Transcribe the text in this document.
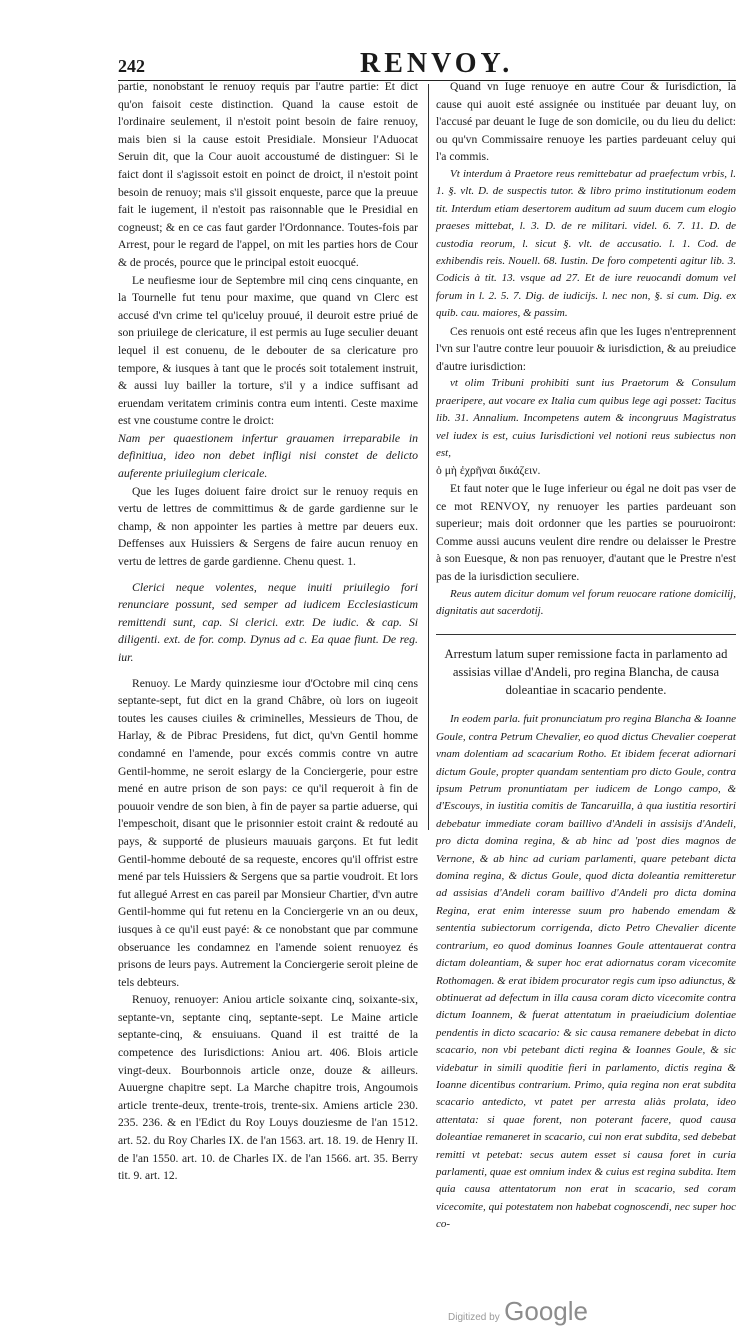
242	RENVOY.

partie, nonobstant le renuoy requis par l'autre partie: Et dict qu'on faisoit ceste distinction. Quand la cause estoit de l'ordinaire seulement, il n'estoit point besoin de faire renuoy, mais bien si la cause estoit Presidiale. Monsieur l'Aduocat Seruin dit, que la Cour auoit accoustumé de distinguer: Si le faict dont il s'agissoit estoit en poinct de droict, il n'estoit point besoin de renuoy; mais s'il gissoit enqueste, parce que la preuue fait le iugement, il n'estoit pas raisonnable que le Presidial en cogneust; & en ce cas faut garder l'Ordonnance. Toutes-fois par Arrest, pour le regard de l'appel, on mit les parties hors de Cour & de procés, pource que le principal estoit euocqué.

Le neufiesme iour de Septembre mil cinq cens cinquante, en la Tournelle fut tenu pour maxime, que quand vn Clerc est accusé d'vn crime tel qu'iceluy prouué, il deuroit estre priué de son priuilege de clericature, il est permis au Iuge seculier deuant lequel il est conuenu, de le debouter de sa clericature pro tempore, & iusques à tant que le procés soit totalement instruit, & aussi luy bailler la torture, s'il y a indice suffisant ad eruendam veritatem criminis contra eum intenti. Ceste maxime est vne coustume contre le droict:

Nam per quaestionem infertur grauamen irreparabile in definitiua, ideo non debet infligi nisi constet de delicto auferente priuilegium clericale.

Que les Iuges doiuent faire droict sur le renuoy requis en vertu de lettres de committimus & de garde gardienne sur le champ, & non appointer les parties à mettre par deuers eux. Deffenses aux Huissiers & Sergens de faire aucun renuoy en vertu de lettres de garde gardienne. Chenu quest. 1.

Clerici neque volentes, neque inuiti priuilegio fori renunciare possunt, sed semper ad iudicem Ecclesiasticum remittendi sunt, cap. Si clerici. extr. De iudic. & cap. Si diligenti. ext. de for. comp. Dynus ad c. Ea quae fiunt. De reg. iur.

Renuoy. Le Mardy quinziesme iour d'Octobre mil cinq cens septante-sept, fut dict en la grand Châbre, où lors on iugeoit toutes les causes ciuiles & criminelles, Messieurs de Thou, de Harlay, & de Pibrac Presidens, fut dict, qu'vn Gentil homme condamné en l'amende, pour excés commis contre vn autre Gentil-homme, ne seroit eslargy de la Conciergerie, pour estre mené en autre prison de son pays: ce qu'il requeroit à fin de pouuoir vendre de son bien, à fin de payer sa partie aduerse, qui l'empeschoit, disant que le prisonnier estoit craint & redouté au pays, & supporté de plusieurs mauuais garçons. Et fut ledit Gentil-homme debouté de sa requeste, encores qu'il offrist estre mené par tels Huissiers & Sergens que sa partie voudroit. Et lors fut allegué Arrest en cas pareil par Monsieur Chartier, d'vn autre Gentil-homme qui fut retenu en la Conciergerie vn an ou deux, iusques à ce qu'il eust payé: & ce nonobstant que par commune obseruance les condamnez en l'amende soient renuoyez és prisons de leurs pays. Autrement la Conciergerie seroit pleine de tels debteurs.

Renuoy, renuoyer: Aniou article soixante cinq, soixante-six, septante-vn, septante cinq, septante-sept. Le Maine article septante-cinq, & ensuiuans. Quand il est traitté de la competence des Iurisdictions: Aniou art. 406. Blois article vingt-deux. Bourbonnois article onze, douze & ailleurs. Auuergne chapitre sept. La Marche chapitre trois, Angoumois article trente-deux, trente-trois, trente-six. Amiens article 230. 235. 236. & en l'Edict du Roy Louys douziesme de l'an 1512. art. 52. du Roy Charles IX. de l'an 1563. art. 18. 19. de Henry II. de l'an 1550. art. 10. de Charles IX. de l'an 1566. art. 35. Berry tit. 9. art. 12.

Quand vn Iuge renuoye en autre Cour & Iurisdiction, la cause qui auoit esté assignée ou instituée par deuant luy, on l'accusé par deuant le Iuge de son domicile, ou du lieu du delict: ou qu'vn Commissaire renuoye les parties pardeuant celuy qui l'a commis.

Vt interdum à Praetore reus remittebatur ad praefectum vrbis, l. 1. §. vlt. D. de suspectis tutor. & libro primo institutionum eodem tit. Interdum etiam desertorem auditum ad suum ducem cum elogio praeses mittebat, l. 3. D. de re militari. videl. 6. 7. 11. D. de custodia reorum, l. sicut §. vlt. de accusatio. l. 1. Cod. de exhibendis reis. Nouell. 68. Iustin. De foro competenti agitur lib. 3. Codicis à tit. 13. vsque ad 27. Et de iure reuocandi domum vel forum in l. 2. 5. 7. Dig. de iudicijs. l. nec non, §. si cum. Dig. ex quib. cau. maiores, & passim.

Ces renuois ont esté receus afin que les Iuges n'entreprennent l'vn sur l'autre contre leur pouuoir & iurisdiction, & au preiudice d'autre iurisdiction:

vt olim Tribuni prohibiti sunt ius Praetorum & Consulum praeripere, aut vocare ex Italia cum quibus lege agi posset: Tacitus lib. 31. Annalium. Incompetens autem & incongruus Magistratus vel iudex is est, cuius Iurisdictioni vel notioni reus subiectus non est,

ὁ μὴ ἐχρῆναι δικάζειν.

Et faut noter que le Iuge inferieur ou égal ne doit pas vser de ce mot RENVOY, ny renuoyer les parties pardeuant son superieur; mais doit ordonner que les parties se pouruoiront: Comme aussi aucuns veulent dire rendre ou delaisser le Prestre à son Euesque, & non pas renuoyer, d'autant que le Prestre n'est pas de la iurisdiction seculiere.

Reus autem dicitur domum vel forum reuocare ratione domicilij, dignitatis aut sacerdotij.

Arrestum latum super remissione facta in parlamento ad assisias villae d'Andeli, pro regina Blancha, de causa doleantiae in scacario pendente.

In eodem parla. fuit pronunciatum pro regina Blancha & Ioanne Goule, contra Petrum Chevalier, eo quod dictus Chevalier coeperat vnam dolentiam ad scacarium Rotho. Et ibidem fecerat adiornari dictum Goule, propter quandam sententiam pro dicto Goule, contra ipsum Petrum pronuntiatam per iudicem de Longo campo, & d'Escouys, in iustitia comitis de Tancaruilla, à qua iustitia resortiri debebatur immediate coram baillivo d'Andeli in assisijs d'Andeli, pro dicta domina regina, & ab hinc ad 'post dies magnos de Vernone, & ab hinc ad curiam parlamenti, quare petebant dicta domina regina, & dictus Goule, quod dicta doleantia remitteretur ad assisias d'Andeli coram baillivo d'Andeli pro dicta domina Regina, erat enim interesse suum pro habendo emendam & sententia subiectorum corrigenda, dicto Petro Chevalier dicente contrarium, eo quod dominus Ioannes Goule attentauerat contra dictam doleantiam, & super hoc erat adiornatus coram vicecomite Rothomagen. & erat ibidem procurator regis cum ipso adiunctus, & obtinuerat ad defectum in illa causa coram dicto vicecomite contra dictum Ioannem, & fuerat attentatum in praeiudicium dolentiae pendentis in dicto scacario: & sic causa remanere debebat in dicto scacario, non vbi petebant dicti regina & Ioannes Goule, & sic videbatur in simili quoditie fieri in parlamento, dictis regina & Ioanne dicentibus contrarium. Primo, quia regina non erat subdita scacario antedicto, vt patet per arresta aliàs prolata, ideo attentata: si quae forent, non poterant facere, quod causa doleantiae remaneret in scacario, cui non erat subdita, sed debebat remitti vt petebat: secus autem esset si causa foret in curia parlamenti, quae est omnium index & cuius est regina subdita. Item quia causa attentatorum non erat in scacario, sed coram vicecomite, qui potestatem non habebat cognoscendi, nec super hoc co-

Digitized by Google
